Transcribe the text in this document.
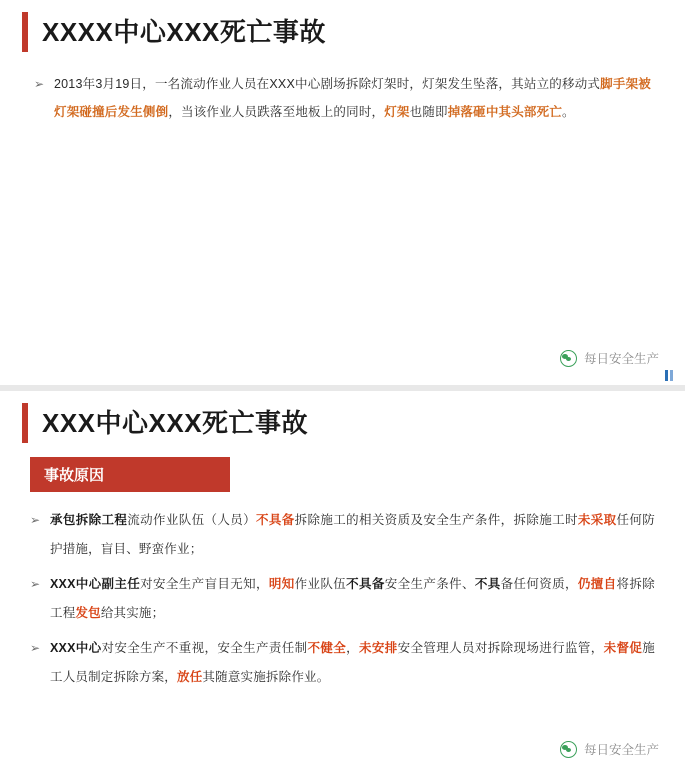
XXXX中心XXX死亡事故
➢ 2013年3月19日，一名流动作业人员在XXX中心剧场拆除灯架时，灯架发生坠落，其站立的移动式脚手架被灯架碰撞后发生侧倒，当该作业人员跌落至地板上的同时，灯架也随即掉落砸中其头部死亡。
每日安全生产
XXX中心XXX死亡事故
事故原因
➢ 承包拆除工程流动作业队伍（人员）不具备拆除施工的相关资质及安全生产条件，拆除施工时未采取任何防护措施，盲目、野蛮作业；
➢ XXX中心副主任对安全生产盲目无知，明知作业队伍不具备安全生产条件、不具备任何资质，仍擅自将拆除工程发包给其实施；
➢ XXX中心对安全生产不重视，安全生产责任制不健全，未安排安全管理人员对拆除现场进行监管，未督促施工人员制定拆除方案，放任其随意实施拆除作业。
每日安全生产
